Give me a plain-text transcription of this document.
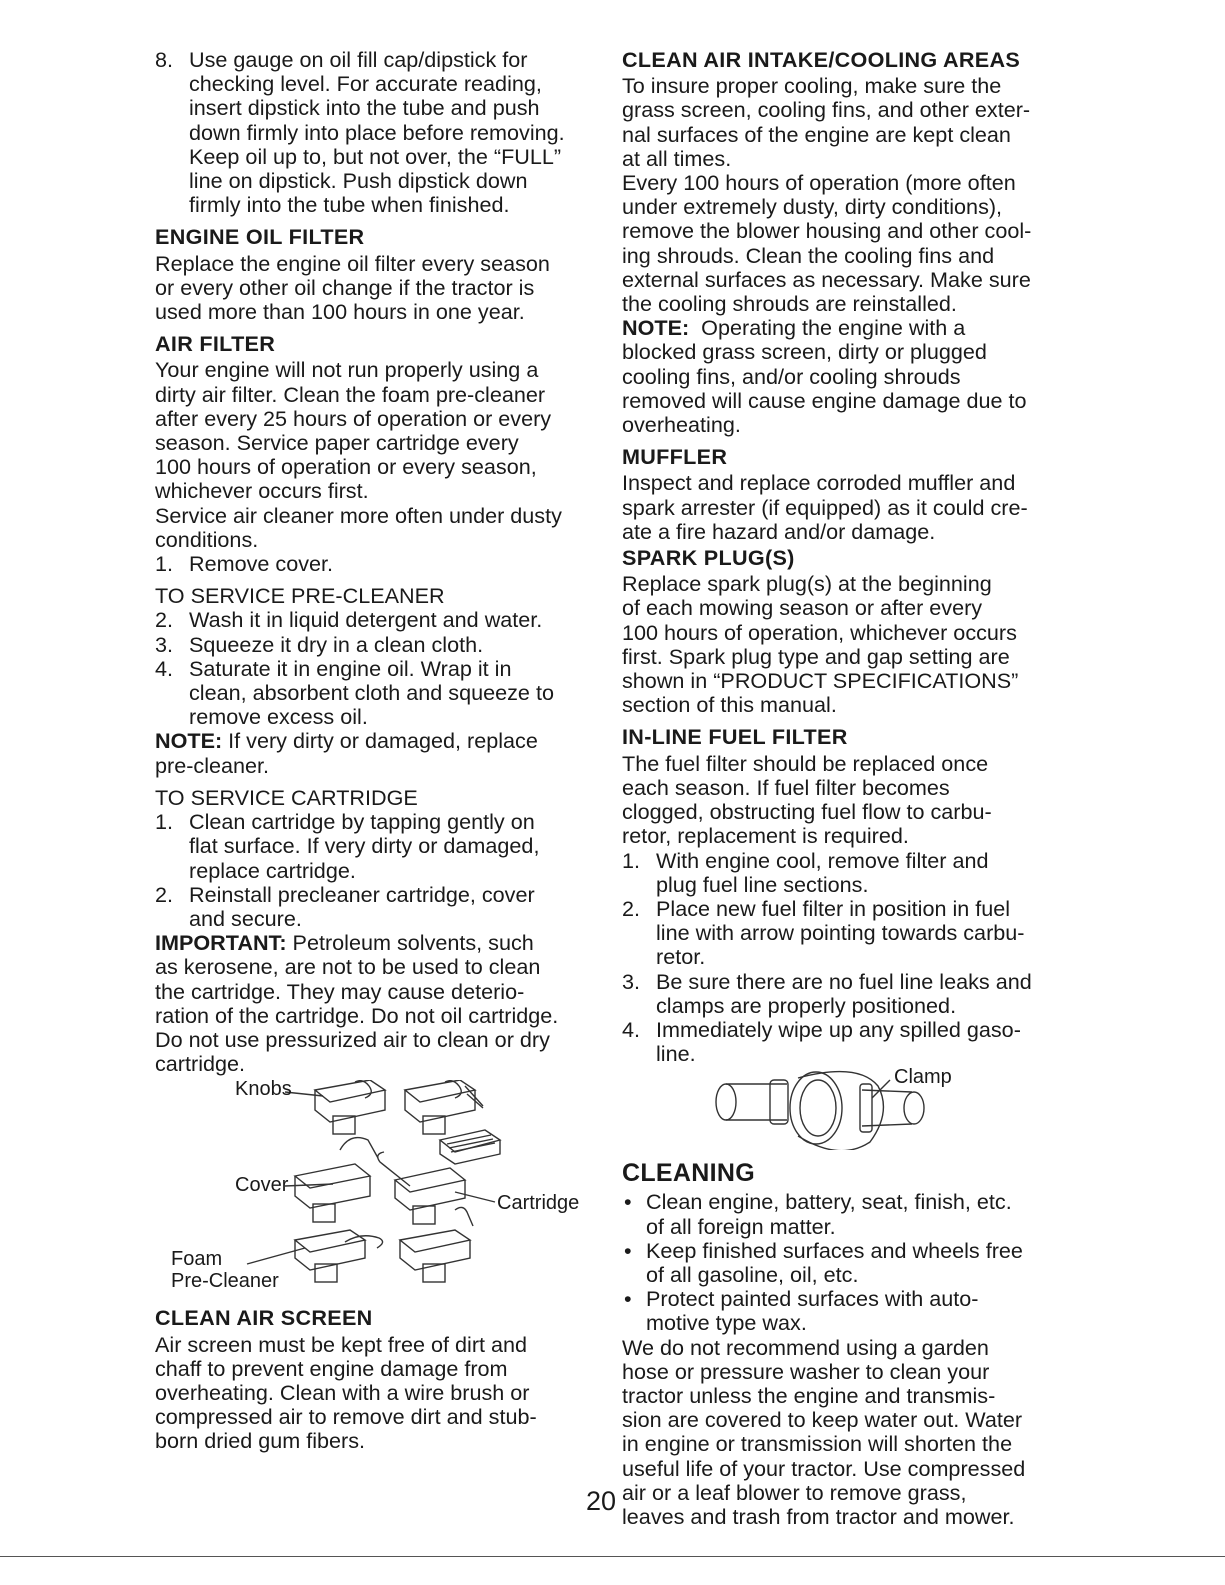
8. Use gauge on oil fill cap/dipstick for

checking level. For accurate reading,

insert dipstick into the tube and push

down firmly into place before removing.

Keep oil up to, but not over, the “FULL”

line on dipstick. Push dipstick down

firmly into the tube when finished.

ENGINE OIL FILTER

Replace the engine oil filter every season

or every other oil change if the tractor is

used more than 100 hours in one year.

AIR FILTER

Your engine will not run properly using a

dirty air filter. Clean the foam pre-cleaner

after every 25 hours of operation or every

season. Service paper cartridge every

100 hours of operation or every season,

whichever occurs first.

Service air cleaner more often under dusty

conditions.

1. Remove cover.

TO SERVICE PRE-CLEANER

2. Wash it in liquid detergent and water.

3. Squeeze it dry in a clean cloth.

4. Saturate it in engine oil. Wrap it in

clean, absorbent cloth and squeeze to

remove excess oil.

NOTE: If very dirty or damaged, replace

pre-cleaner.

TO SERVICE CARTRIDGE

1. Clean cartridge by tapping gently on

flat surface. If very dirty or damaged,

replace cartridge.

2. Reinstall precleaner cartridge, cover

and secure.

IMPORTANT: Petroleum solvents, such

as kerosene, are not to be used to clean

the cartridge. They may cause deterio-

ration of the cartridge. Do not oil cartridge.

Do not use pressurized air to clean or dry

cartridge.

Knobs
Cover
Cartridge
Foam
Pre-Cleaner

CLEAN AIR SCREEN

Air screen must be kept free of dirt and

chaff to prevent engine damage from

overheating. Clean with a wire brush or

compressed air to remove dirt and stub-

born dried gum fibers.

CLEAN AIR INTAKE/COOLING AREAS

To insure proper cooling, make sure the

grass screen, cooling fins, and other exter-

nal surfaces of the engine are kept clean

at all times.

Every 100 hours of operation (more often

under extremely dusty, dirty conditions),

remove the blower housing and other cool-

ing shrouds. Clean the cooling fins and

external surfaces as necessary. Make sure

the cooling shrouds are reinstalled.

NOTE:  Operating the engine with a

blocked grass screen, dirty or plugged

cooling fins, and/or cooling shrouds

removed will cause engine damage due to

overheating.

MUFFLER

Inspect and replace corroded muffler and

spark arrester (if equipped) as it could cre-

ate a fire hazard and/or damage.

SPARK PLUG(S)

Replace spark plug(s) at the beginning

of each mowing season or after every

100 hours of operation, whichever occurs

first. Spark plug type and gap setting are

shown in “PRODUCT SPECIFICATIONS”

section of this manual.

IN-LINE FUEL FILTER

The fuel filter should be replaced once

each season. If fuel filter becomes

clogged, obstructing fuel flow to carbu-

retor, replacement is required.

1. With engine cool, remove filter and

plug fuel line sections.

2. Place new fuel filter in position in fuel

line with arrow pointing towards carbu-

retor.

3. Be sure there are no fuel line leaks and

clamps are properly positioned.

4. Immediately wipe up any spilled gaso-

line.

Clamp

CLEANING

• Clean engine, battery, seat, finish, etc.

of all foreign matter.

• Keep finished surfaces and wheels free

of all gasoline, oil, etc.

• Protect painted surfaces with auto-

motive type wax.

We do not recommend using a garden

hose or pressure washer to clean your

tractor unless the engine and transmis-

sion are covered to keep water out. Water

in engine or transmission will shorten the

useful life of your tractor. Use compressed

air or a leaf blower to remove grass,

leaves and trash from tractor and mower.

20
